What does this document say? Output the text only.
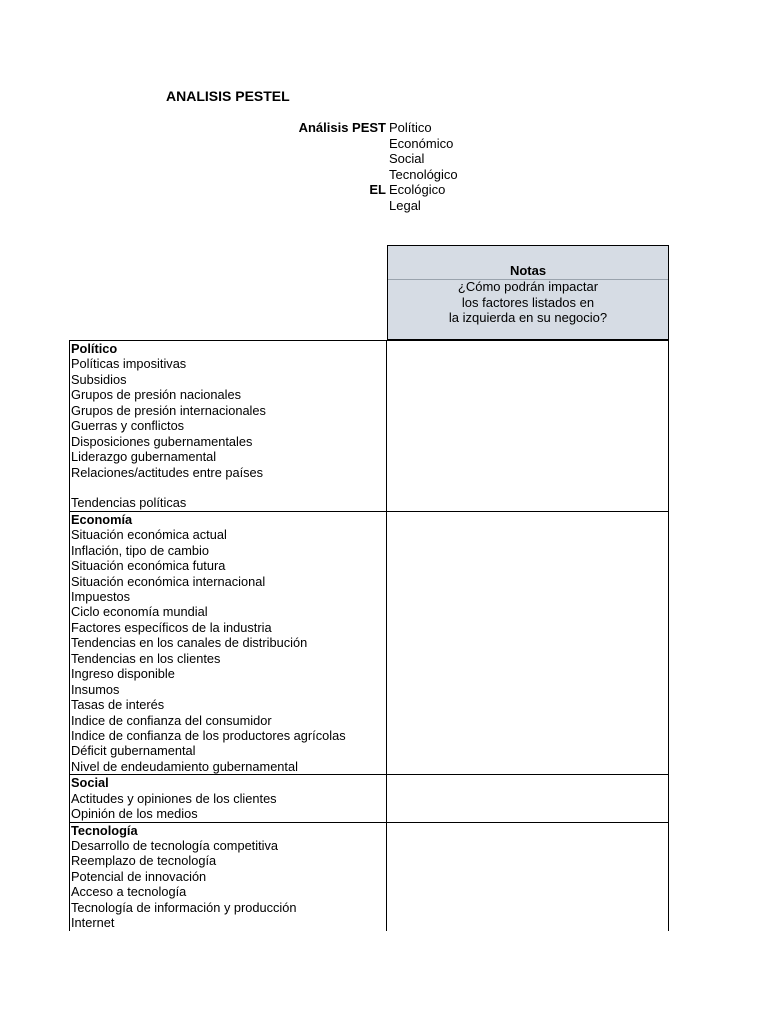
ANALISIS PESTEL
Análisis PEST
EL
Político
Económico
Social
Tecnológico
Ecológico
Legal
Notas
¿Cómo podrán impactar
los factores listados en
la izquierda en su negocio?
Político
Políticas impositivas
Subsidios
Grupos de presión nacionales
Grupos de presión internacionales
Guerras y conflictos
Disposiciones gubernamentales
Liderazgo gubernamental
Relaciones/actitudes entre países
Tendencias políticas
Economía
Situación económica actual
Inflación, tipo de cambio
Situación económica futura
Situación económica internacional
Impuestos
Ciclo economía mundial
Factores específicos de la industria
Tendencias en los canales de distribución
Tendencias en los clientes
Ingreso disponible
Insumos
Tasas de interés
Indice de confianza del consumidor
Indice de confianza de los productores agrícolas
Déficit gubernamental
Nivel de endeudamiento gubernamental
Social
Actitudes y opiniones de los clientes
Opinión de los medios
Tecnología
Desarrollo de tecnología competitiva
Reemplazo de tecnología
Potencial de innovación
Acceso a tecnología
Tecnología de información y producción
Internet
